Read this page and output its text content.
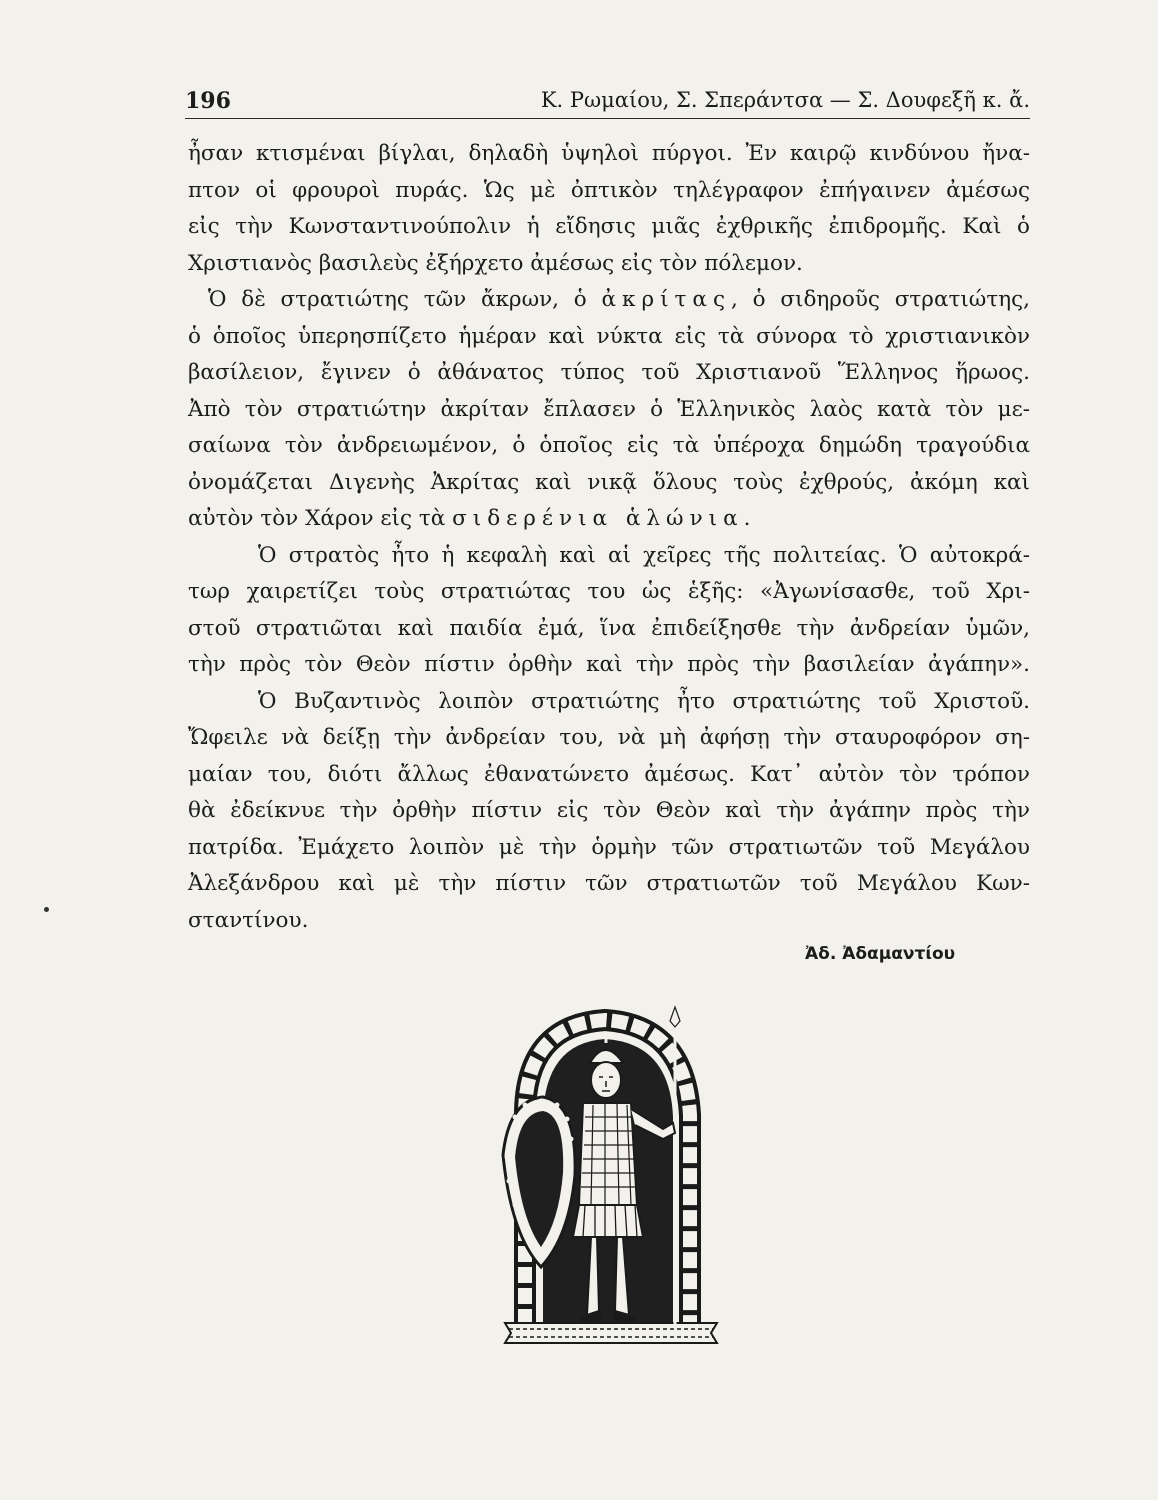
196	Κ. Ρωμαίου, Σ. Σπεράντσα — Σ. Δουφεξῆ κ. ἄ.
ἦσαν κτισμέναι βίγλαι, δηλαδὴ ὑψηλοὶ πύργοι. Ἐν καιρῷ κινδύνου ἤνα-
πτον οἱ φρουροὶ πυράς. Ὡς μὲ ὀπτικὸν τηλέγραφον ἐπήγαινεν ἀμέσως
εἰς τὴν Κωνσταντινούπολιν ἡ εἴδησις μιᾶς ἐχθρικῆς ἐπιδρομῆς. Καὶ ὁ
Χριστιανὸς βασιλεὺς ἐξήρχετο ἀμέσως εἰς τὸν πόλεμον.
Ὁ δὲ στρατιώτης τῶν ἄκρων, ὁ ἀκρίτας, ὁ σιδηροῦς στρατιώτης,
ὁ ὁποῖος ὑπερησπίζετο ἡμέραν καὶ νύκτα εἰς τὰ σύνορα τὸ χριστιανικὸν
βασίλειον, ἔγινεν ὁ ἀθάνατος τύπος τοῦ Χριστιανοῦ Ἕλληνος ἥρωος.
Ἀπὸ τὸν στρατιώτην ἀκρίταν ἔπλασεν ὁ Ἑλληνικὸς λαὸς κατὰ τὸν με-
σαίωνα τὸν ἀνδρειωμένον, ὁ ὁποῖος εἰς τὰ ὑπέροχα δημώδη τραγούδια
ὀνομάζεται Διγενὴς Ἀκρίτας καὶ νικᾷ ὅλους τοὺς ἐχθρούς, ἀκόμη καὶ
αὐτὸν τὸν Χάρον εἰς τὰ σιδερένια ἁλώνια.
Ὁ στρατὸς ἦτο ἡ κεφαλὴ καὶ αἱ χεῖρες τῆς πολιτείας. Ὁ αὐτοκρά-
τωρ χαιρετίζει τοὺς στρατιώτας του ὡς ἑξῆς: «Ἀγωνίσασθε, τοῦ Χρι-
στοῦ στρατιῶται καὶ παιδία ἐμά, ἵνα ἐπιδείξησθε τὴν ἀνδρείαν ὑμῶν,
τὴν πρὸς τὸν Θεὸν πίστιν ὀρθὴν καὶ τὴν πρὸς τὴν βασιλείαν ἀγάπην».
Ὁ Βυζαντινὸς λοιπὸν στρατιώτης ἦτο στρατιώτης τοῦ Χριστοῦ.
Ὤφειλε νὰ δείξῃ τὴν ἀνδρείαν του, νὰ μὴ ἀφήσῃ τὴν σταυροφόρον ση-
μαίαν του, διότι ἄλλως ἐθανατώνετο ἀμέσως. Κατ᾿ αὐτὸν τὸν τρόπον
θὰ ἐδείκνυε τὴν ὀρθὴν πίστιν εἰς τὸν Θεὸν καὶ τὴν ἀγάπην πρὸς τὴν
πατρίδα. Ἐμάχετο λοιπὸν μὲ τὴν ὁρμὴν τῶν στρατιωτῶν τοῦ Μεγάλου
Ἀλεξάνδρου καὶ μὲ τὴν πίστιν τῶν στρατιωτῶν τοῦ Μεγάλου Κων-
σταντίνου.
Ἀδ. Ἀδαμαντίου
